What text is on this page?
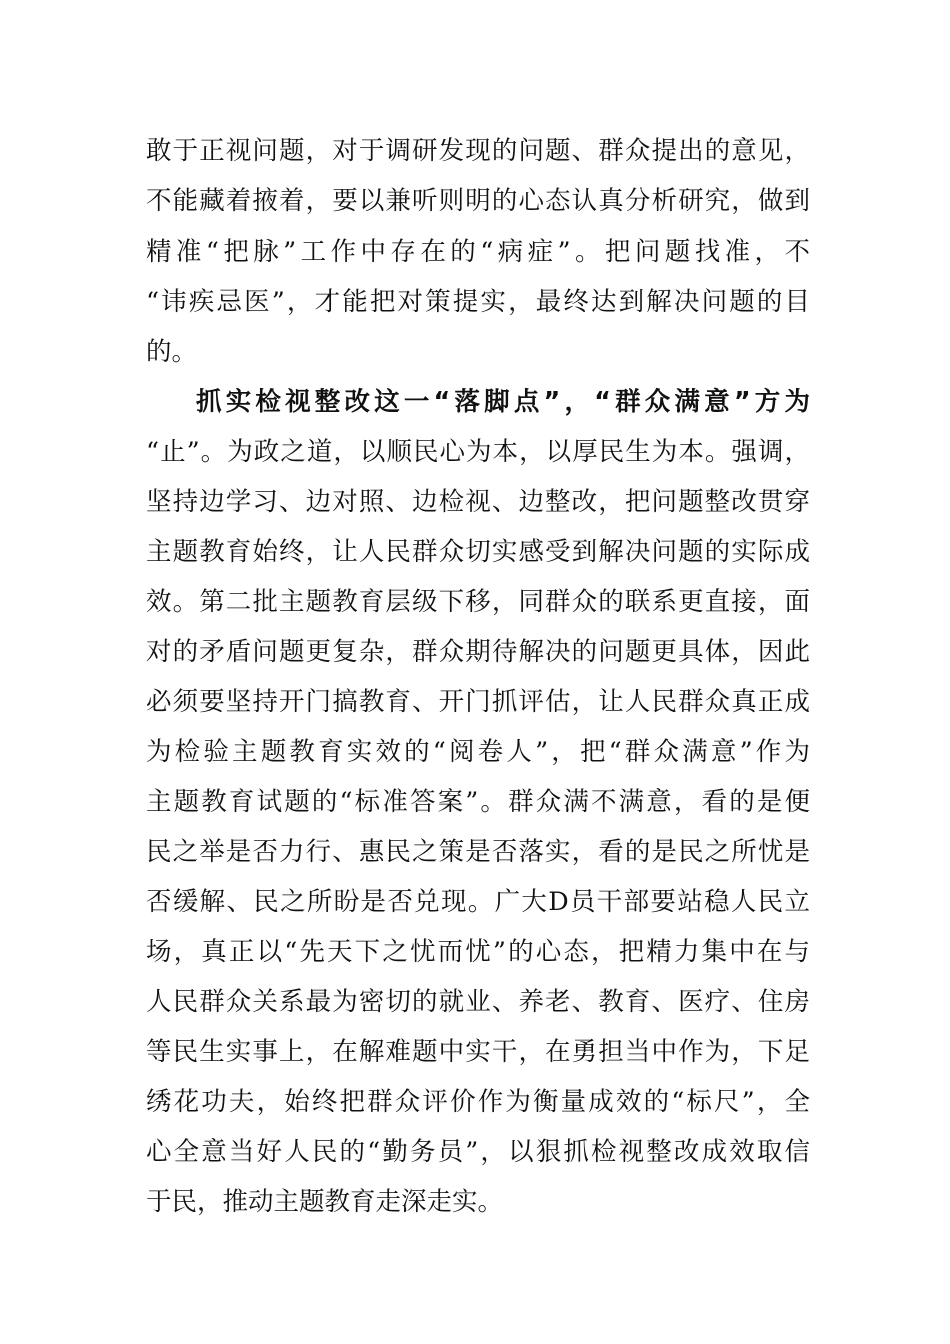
敢于正视问题，对于调研发现的问题、群众提出的意见，
不能藏着掖着，要以兼听则明的心态认真分析研究，做到
精准“把脉”工作中存在的“病症”。把问题找准，不
“讳疾忌医”，才能把对策提实，最终达到解决问题的目
的。
抓实检视整改这一“落脚点”，“群众满意”方为
“止”。为政之道，以顺民心为本，以厚民生为本。强调，
坚持边学习、边对照、边检视、边整改，把问题整改贯穿
主题教育始终，让人民群众切实感受到解决问题的实际成
效。第二批主题教育层级下移，同群众的联系更直接，面
对的矛盾问题更复杂，群众期待解决的问题更具体，因此
必须要坚持开门搞教育、开门抓评估，让人民群众真正成
为检验主题教育实效的“阅卷人”，把“群众满意”作为
主题教育试题的“标准答案”。群众满不满意，看的是便
民之举是否力行、惠民之策是否落实，看的是民之所忧是
否缓解、民之所盼是否兑现。广大D员干部要站稳人民立
场，真正以“先天下之忧而忧”的心态，把精力集中在与
人民群众关系最为密切的就业、养老、教育、医疗、住房
等民生实事上，在解难题中实干，在勇担当中作为，下足
绣花功夫，始终把群众评价作为衡量成效的“标尺”，全
心全意当好人民的“勤务员”，以狠抓检视整改成效取信
于民，推动主题教育走深走实。
